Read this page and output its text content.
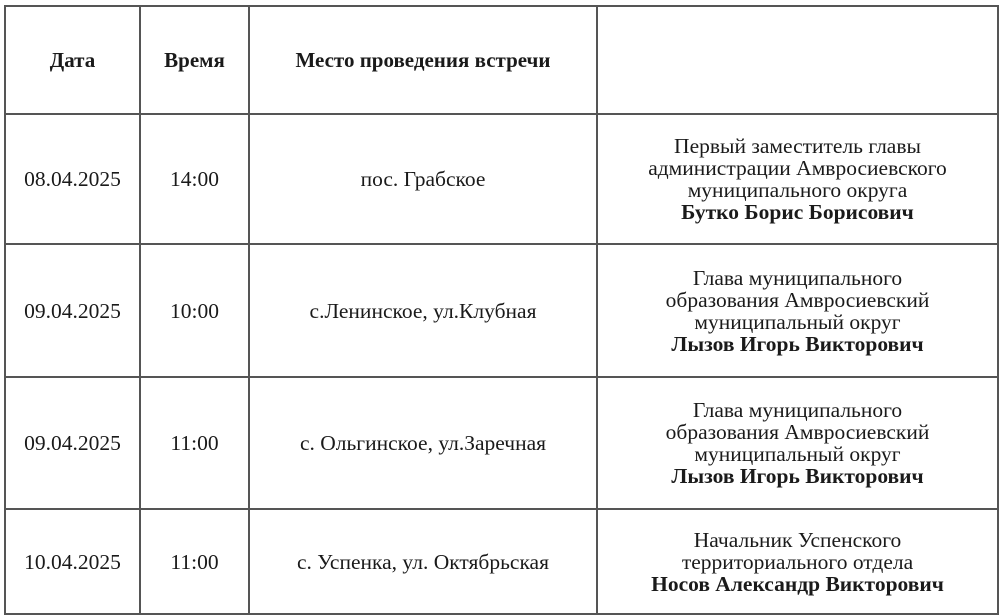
Дата	Время	Место проведения встречи	
08.04.2025	14:00	пос. Грабское	Первый заместитель главы
администрации Амвросиевского
муниципального округа
Бутко Борис Борисович

09.04.2025	10:00	с.Ленинское, ул.Клубная	Глава муниципального
образования Амвросиевский
муниципальный округ
Лызов Игорь Викторович

09.04.2025	11:00	с. Ольгинское, ул.Заречная	Глава муниципального
образования Амвросиевский
муниципальный округ
Лызов Игорь Викторович

10.04.2025	11:00	с. Успенка, ул. Октябрьская	Начальник Успенского
территориального отдела
Носов Александр Викторович
